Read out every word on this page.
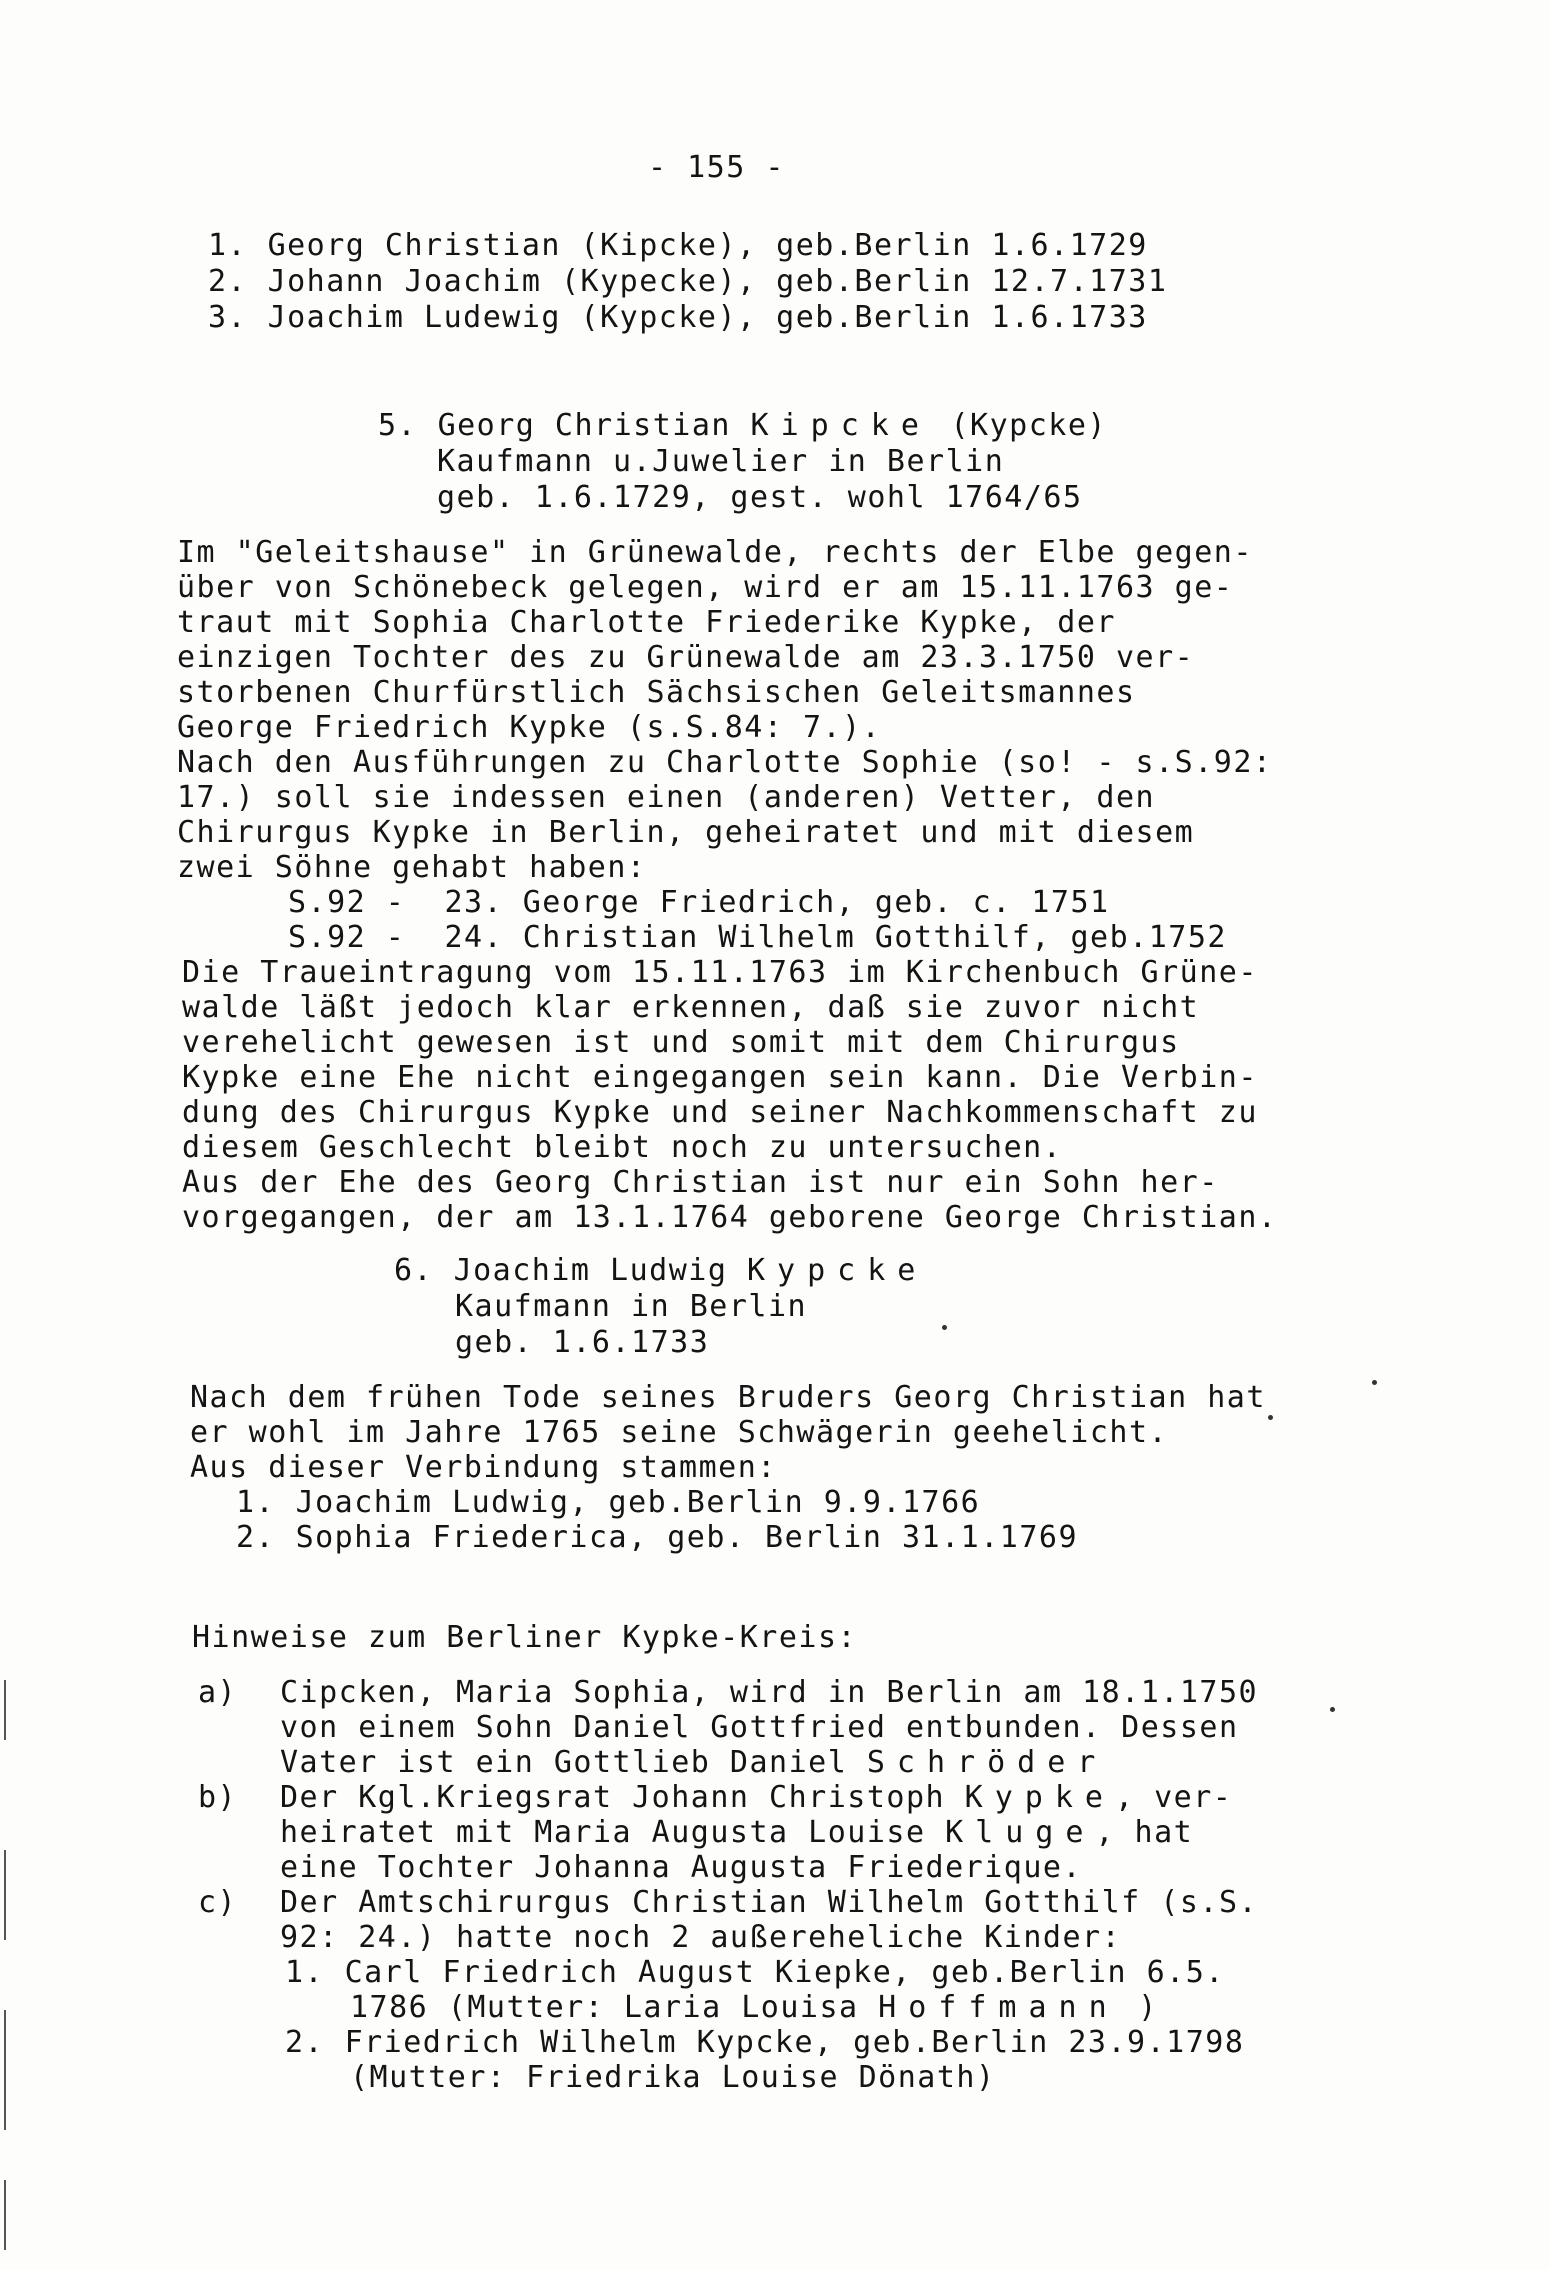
- 155 -
1. Georg Christian (Kipcke), geb.Berlin 1.6.1729
2. Johann Joachim (Kypecke), geb.Berlin 12.7.1731
3. Joachim Ludewig (Kypcke), geb.Berlin 1.6.1733
5. Georg Christian Kipcke (Kypcke)
Kaufmann u.Juwelier in Berlin
geb. 1.6.1729, gest. wohl 1764/65
Im "Geleitshause" in Grünewalde, rechts der Elbe gegen-
über von Schönebeck gelegen, wird er am 15.11.1763 ge-
traut mit Sophia Charlotte Friederike Kypke, der
einzigen Tochter des zu Grünewalde am 23.3.1750 ver-
storbenen Churfürstlich Sächsischen Geleitsmannes
George Friedrich Kypke (s.S.84: 7.).
Nach den Ausführungen zu Charlotte Sophie (so! - s.S.92:
17.) soll sie indessen einen (anderen) Vetter, den
Chirurgus Kypke in Berlin, geheiratet und mit diesem
zwei Söhne gehabt haben:
S.92 -  23. George Friedrich, geb. c. 1751
S.92 -  24. Christian Wilhelm Gotthilf, geb.1752
Die Traueintragung vom 15.11.1763 im Kirchenbuch Grüne-
walde läßt jedoch klar erkennen, daß sie zuvor nicht
verehelicht gewesen ist und somit mit dem Chirurgus
Kypke eine Ehe nicht eingegangen sein kann. Die Verbin-
dung des Chirurgus Kypke und seiner Nachkommenschaft zu
diesem Geschlecht bleibt noch zu untersuchen.
Aus der Ehe des Georg Christian ist nur ein Sohn her-
vorgegangen, der am 13.1.1764 geborene George Christian.
6. Joachim Ludwig Kypcke
Kaufmann in Berlin
geb. 1.6.1733
Nach dem frühen Tode seines Bruders Georg Christian hat
er wohl im Jahre 1765 seine Schwägerin geehelicht.
Aus dieser Verbindung stammen:
1. Joachim Ludwig, geb.Berlin 9.9.1766
2. Sophia Friederica, geb. Berlin 31.1.1769
Hinweise zum Berliner Kypke-Kreis:
a) Cipcken, Maria Sophia, wird in Berlin am 18.1.1750
von einem Sohn Daniel Gottfried entbunden. Dessen
Vater ist ein Gottlieb Daniel Schröder
b) Der Kgl.Kriegsrat Johann Christoph Kypke, ver-
heiratet mit Maria Augusta Louise Kluge, hat
eine Tochter Johanna Augusta Friederique.
c) Der Amtschirurgus Christian Wilhelm Gotthilf (s.S.
92: 24.) hatte noch 2 außereheliche Kinder:
1. Carl Friedrich August Kiepke, geb.Berlin 6.5.
1786 (Mutter: Laria Louisa Hoffmann )
2. Friedrich Wilhelm Kypcke, geb.Berlin 23.9.1798
(Mutter: Friedrika Louise Dönath)
